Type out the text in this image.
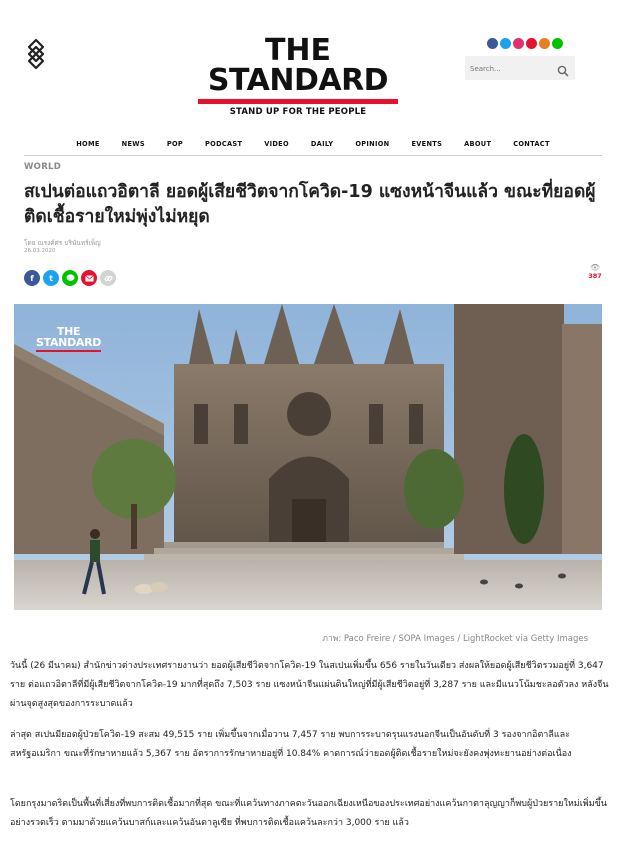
THE
STANDARD
STAND UP FOR THE PEOPLE
Search...
HOME	NEWS	POP	PODCAST	VIDEO	DAILY	OPINION	EVENTS	ABOUT	CONTACT
WORLD
สเปนต่อแถวอิตาลี ยอดผู้เสียชีวิตจากโควิด-19 แซงหน้าจีนแล้ว ขณะที่ยอดผู้ติดเชื้อรายใหม่พุ่งไม่หยุด
โดย ณรงค์ศร บรินันทร์เพ็ญ
26.03.2020
f	t
👁
387
THE
STANDARD
ภาพ: Paco Freire / SOPA Images / LightRocket via Getty Images

วันนี้ (26 มีนาคม) สำนักข่าวต่างประเทศรายงานว่า ยอดผู้เสียชีวิตจากโควิด-19 ในสเปนเพิ่มขึ้น 656 รายในวันเดียว ส่งผลให้ยอดผู้เสียชีวิตรวมอยู่ที่ 3,647 ราย ต่อแถวอิตาลีที่มีผู้เสียชีวิตจากโควิด-19 มากที่สุดถึง 7,503 ราย แซงหน้าจีนแผ่นดินใหญ่ที่มีผู้เสียชีวิตอยู่ที่ 3,287 ราย และมีแนวโน้มชะลอตัวลง หลังจีนผ่านจุดสูงสุดของการระบาดแล้ว

ล่าสุด สเปนมียอดผู้ป่วยโควิด-19 สะสม 49,515 ราย เพิ่มขึ้นจากเมื่อวาน 7,457 ราย พบการระบาดรุนแรงนอกจีนเป็นอันดับที่ 3 รองจากอิตาลีและสหรัฐอเมริกา ขณะที่รักษาหายแล้ว 5,367 ราย อัตราการรักษาหายอยู่ที่ 10.84% คาดการณ์ว่ายอดผู้ติดเชื้อรายใหม่จะยังคงพุ่งทะยานอย่างต่อเนื่อง

โดยกรุงมาดริดเป็นพื้นที่เสี่ยงที่พบการติดเชื้อมากที่สุด ขณะที่แคว้นทางภาคตะวันออกเฉียงเหนือของประเทศอย่างแคว้นกาตาลุญญาก็พบผู้ป่วยรายใหม่เพิ่มขึ้นอย่างรวดเร็ว ตามมาด้วยแคว้นบาสก์และแคว้นอันดาลูเซีย ที่พบการติดเชื้อแคว้นละกว่า 3,000 ราย แล้ว
